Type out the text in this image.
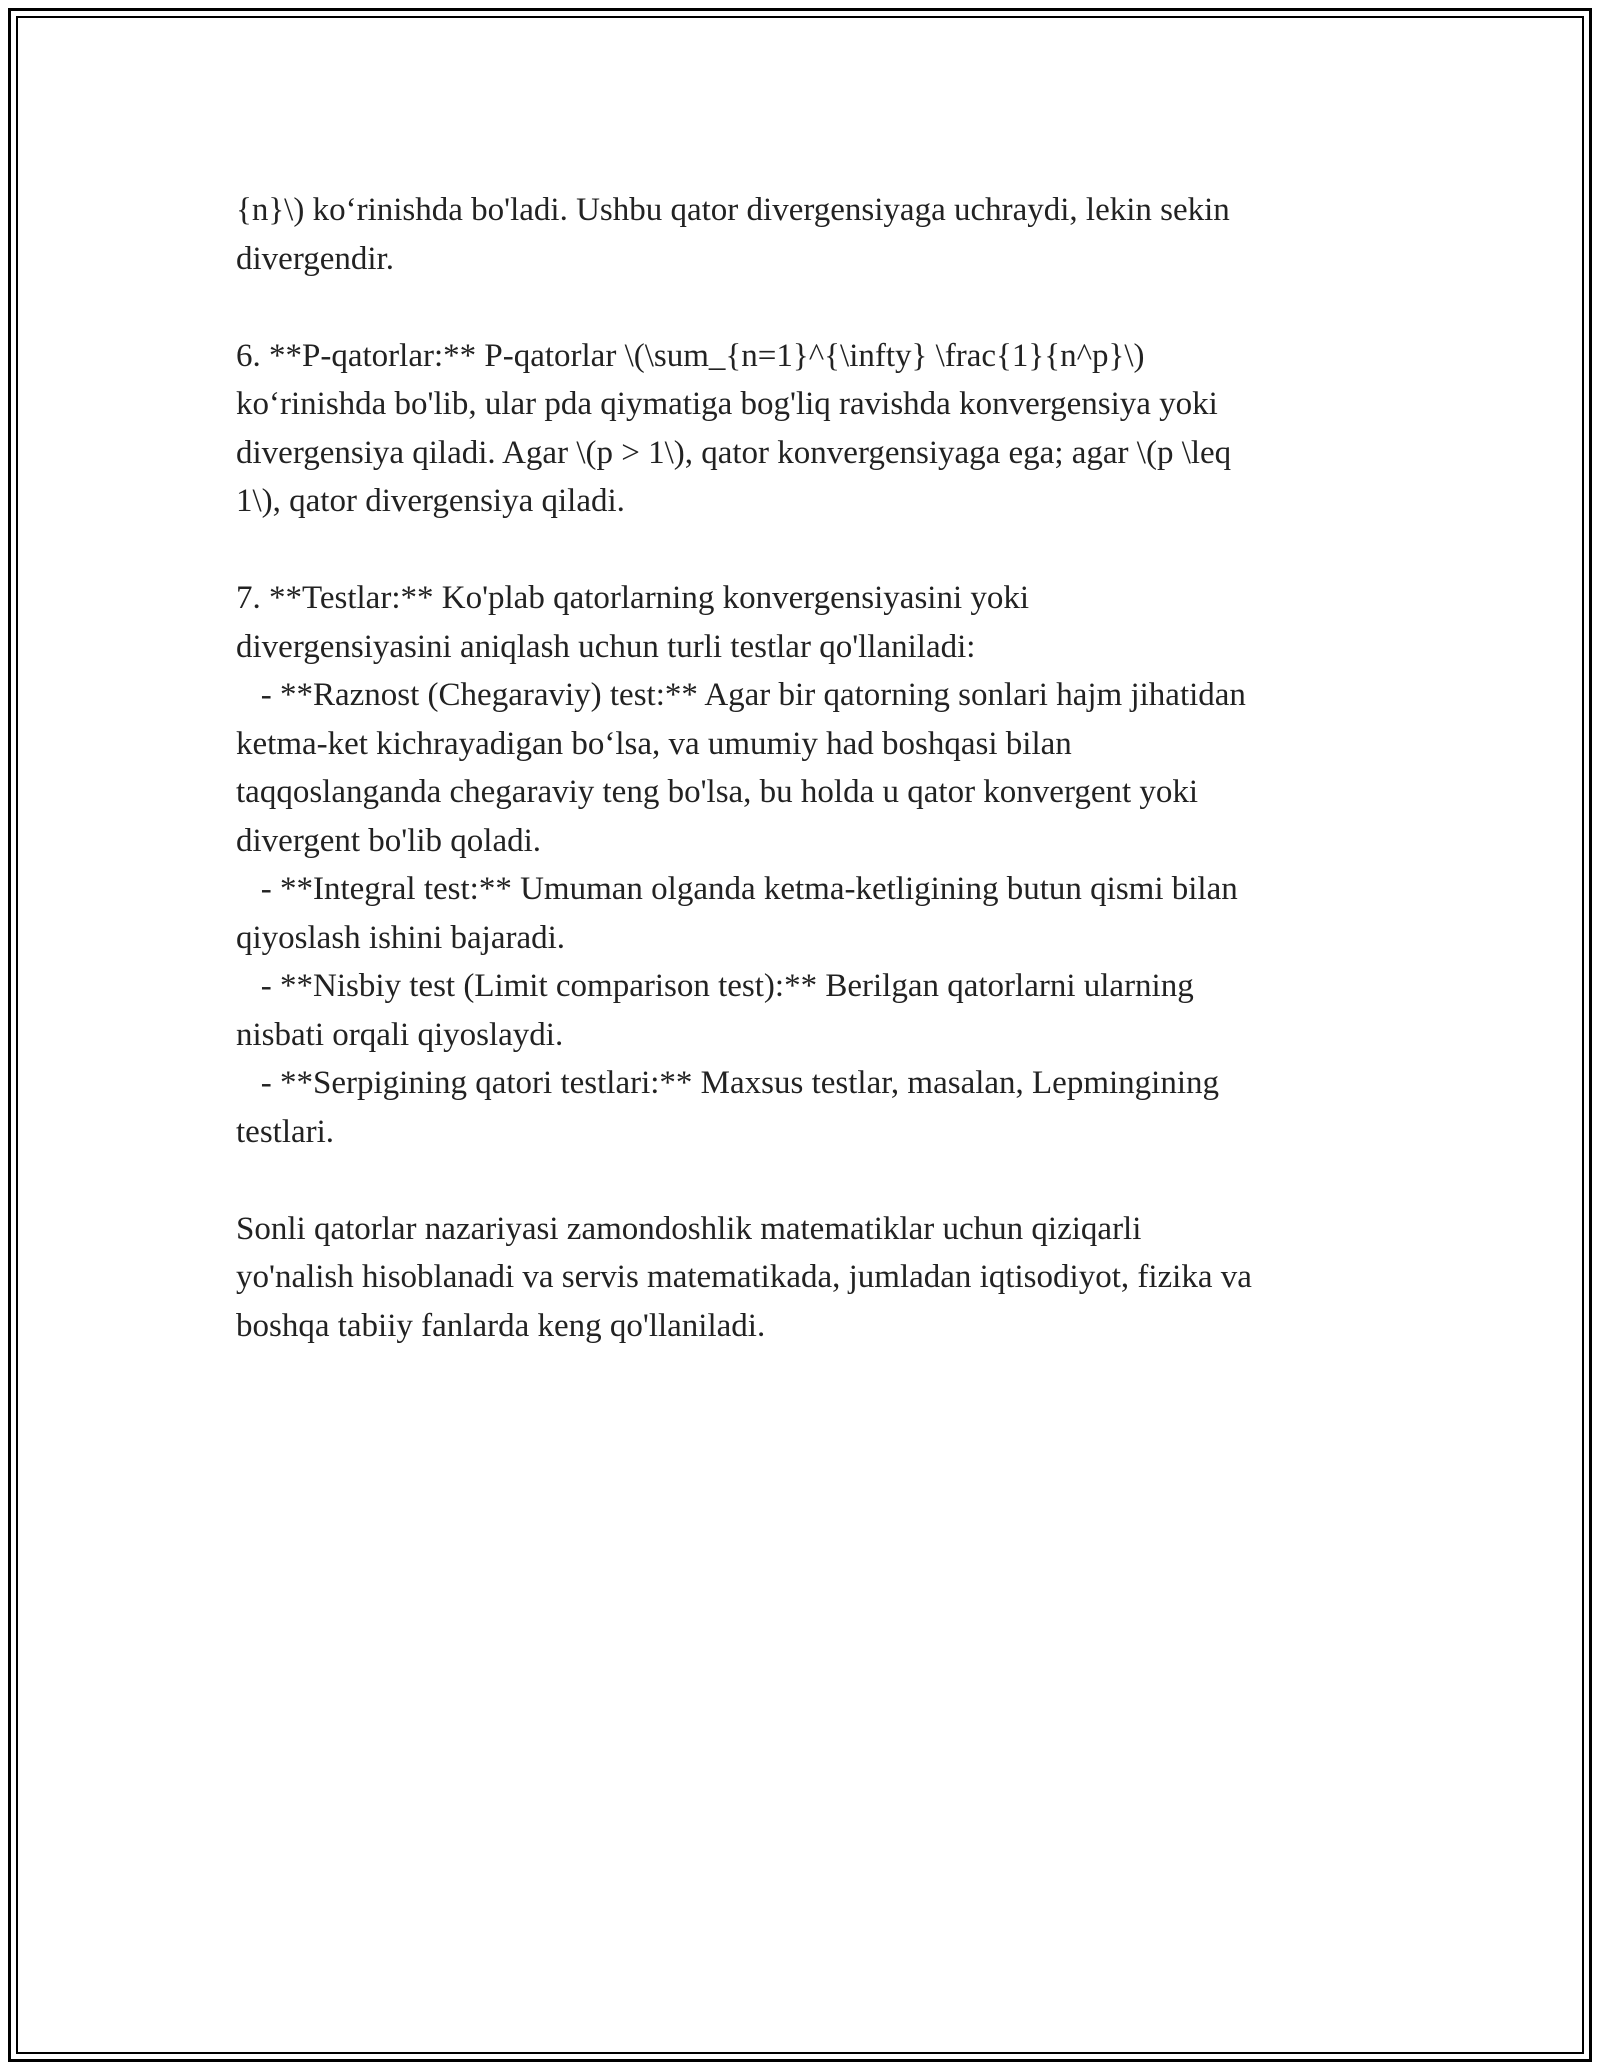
{n}\) ko‘rinishda bo'ladi. Ushbu qator divergensiyaga uchraydi, lekin sekin
divergendir.

6. **P-qatorlar:** P-qatorlar \(\sum_{n=1}^{\infty} \frac{1}{n^p}\)
ko‘rinishda bo'lib, ular pda qiymatiga bog'liq ravishda konvergensiya yoki
divergensiya qiladi. Agar \(p > 1\), qator konvergensiyaga ega; agar \(p \leq
1\), qator divergensiya qiladi.

7. **Testlar:** Ko'plab qatorlarning konvergensiyasini yoki
divergensiyasini aniqlash uchun turli testlar qo'llaniladi:
- **Raznost (Chegaraviy) test:** Agar bir qatorning sonlari hajm jihatidan
ketma-ket kichrayadigan bo‘lsa, va umumiy had boshqasi bilan
taqqoslanganda chegaraviy teng bo'lsa, bu holda u qator konvergent yoki
divergent bo'lib qoladi.
- **Integral test:** Umuman olganda ketma-ketligining butun qismi bilan
qiyoslash ishini bajaradi.
- **Nisbiy test (Limit comparison test):** Berilgan qatorlarni ularning
nisbati orqali qiyoslaydi.
- **Serpigining qatori testlari:** Maxsus testlar, masalan, Lepmingining
testlari.

Sonli qatorlar nazariyasi zamondoshlik matematiklar uchun qiziqarli
yo'nalish hisoblanadi va servis matematikada, jumladan iqtisodiyot, fizika va
boshqa tabiiy fanlarda keng qo'llaniladi.
